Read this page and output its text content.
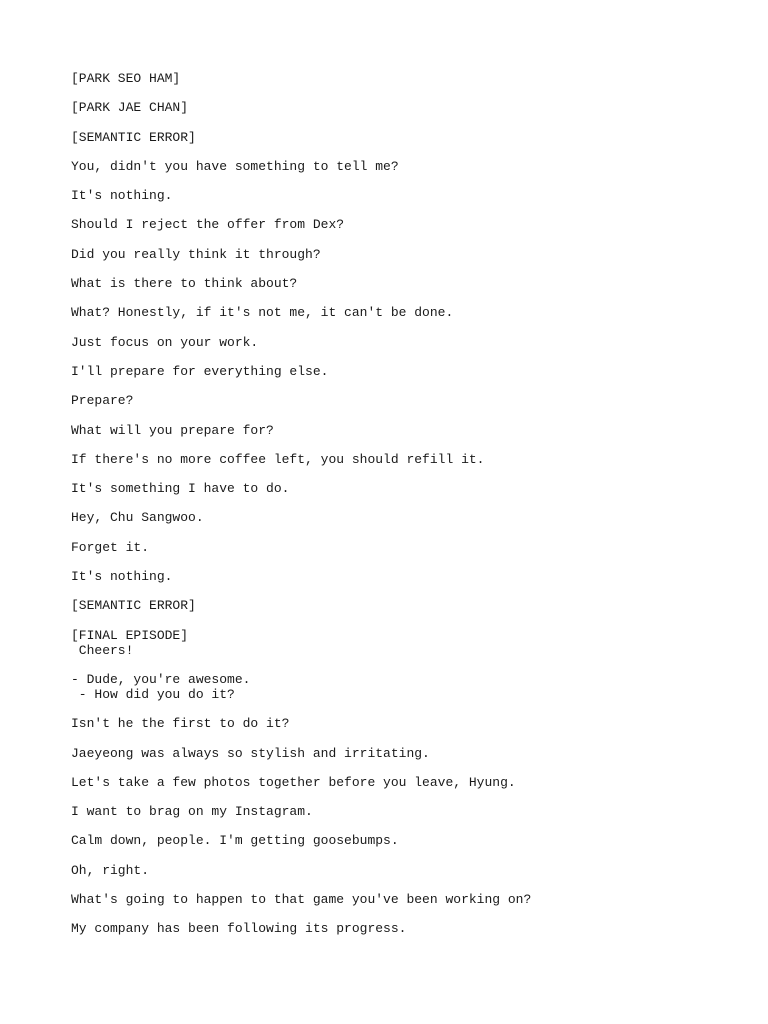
[PARK SEO HAM]
[PARK JAE CHAN]
[SEMANTIC ERROR]
You, didn't you have something to tell me?
It's nothing.
Should I reject the offer from Dex?
Did you really think it through?
What is there to think about?
What? Honestly, if it's not me, it can't be done.
Just focus on your work.
I'll prepare for everything else.
Prepare?
What will you prepare for?
If there's no more coffee left, you should refill it.
It's something I have to do.
Hey, Chu Sangwoo.
Forget it.
It's nothing.
[SEMANTIC ERROR]
[FINAL EPISODE]
Cheers!
- Dude, you're awesome.
- How did you do it?
Isn't he the first to do it?
Jaeyeong was always so stylish and irritating.
Let's take a few photos together before you leave, Hyung.
I want to brag on my Instagram.
Calm down, people. I'm getting goosebumps.
Oh, right.
What's going to happen to that game you've been working on?
My company has been following its progress.
